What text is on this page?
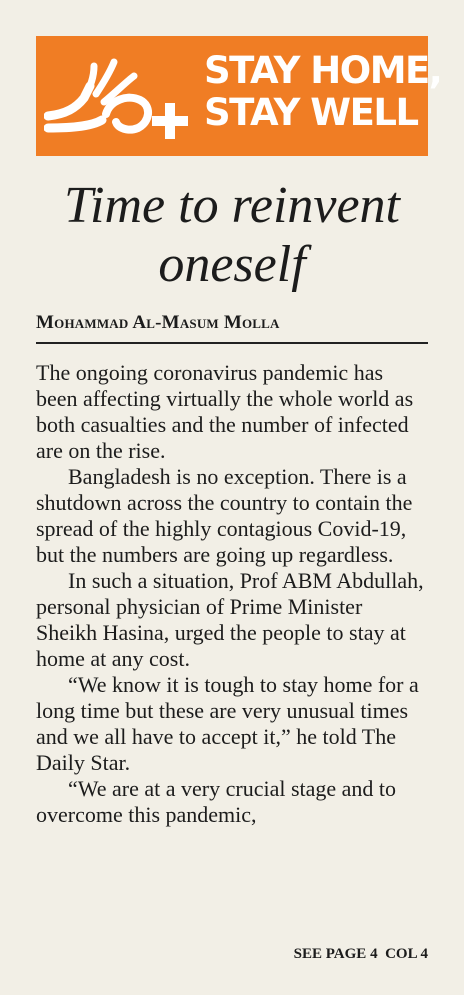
STAY HOME,
STAY WELL
Time to reinvent
oneself
Mohammad Al-Masum Molla

The ongoing coronavirus pandemic has been affecting virtually the whole world as both casualties and the number of infected are on the rise.

Bangladesh is no exception. There is a shutdown across the country to contain the spread of the highly contagious Covid-19, but the numbers are going up regardless.

In such a situation, Prof ABM Abdullah, personal physician of Prime Minister Sheikh Hasina, urged the people to stay at home at any cost.

“We know it is tough to stay home for a long time but these are very unusual times and we all have to accept it,” he told The Daily Star.

“We are at a very crucial stage and to overcome this pandemic,

SEE PAGE 4  COL 4
